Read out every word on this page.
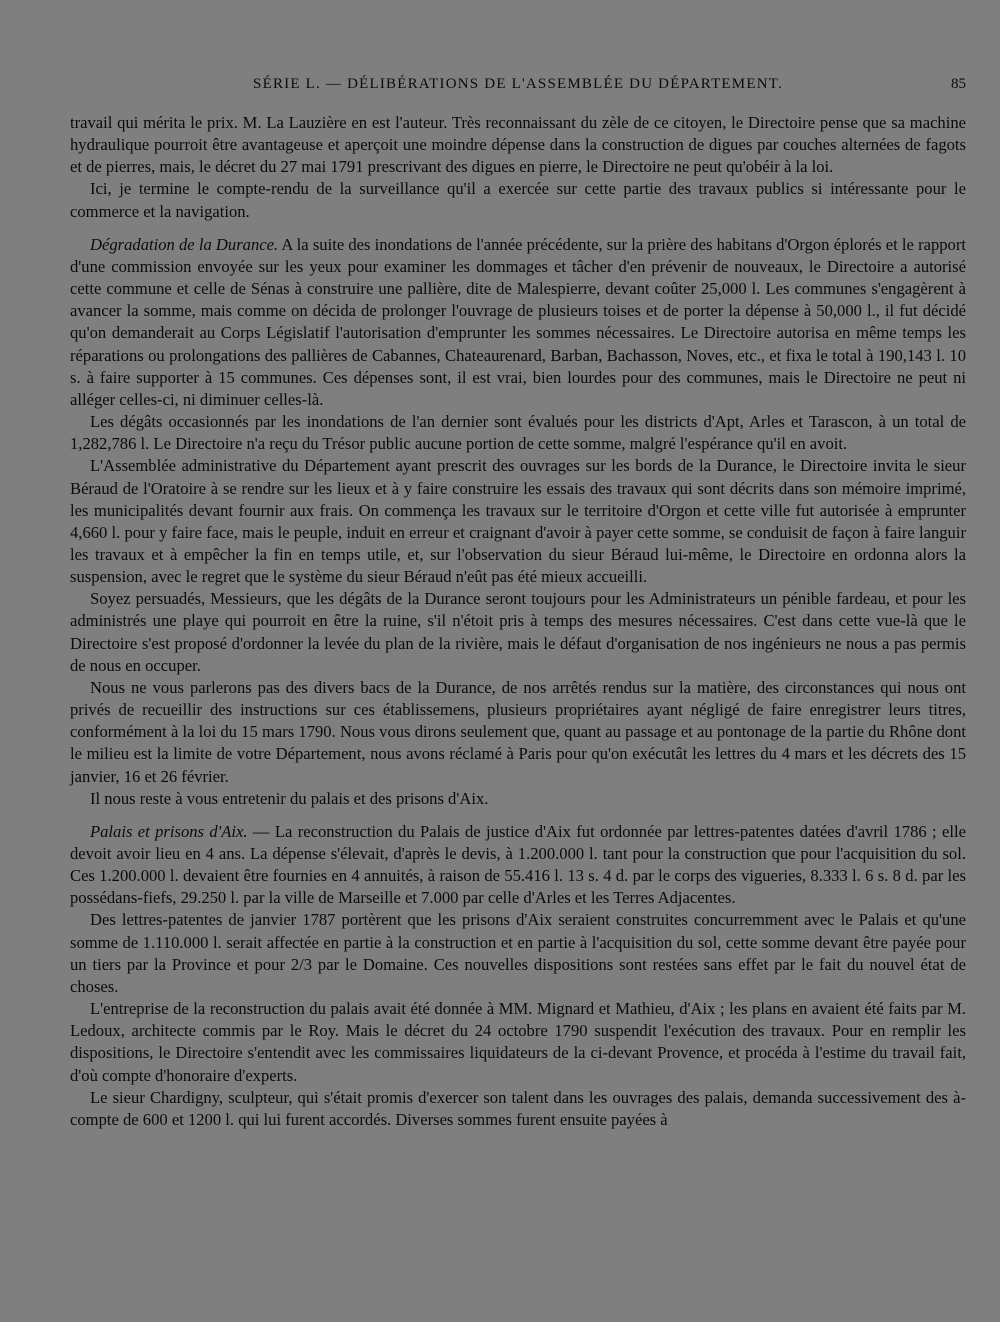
SÉRIE L. — DÉLIBÉRATIONS DE L'ASSEMBLÉE DU DÉPARTEMENT.	85

travail qui mérita le prix. M. La Lauzière en est l'auteur. Très reconnaissant du zèle de ce citoyen, le Directoire pense que sa machine hydraulique pourroit être avantageuse et aperçoit une moindre dépense dans la construction de digues par couches alternées de fagots et de pierres, mais, le décret du 27 mai 1791 prescrivant des digues en pierre, le Directoire ne peut qu'obéir à la loi.

Ici, je termine le compte-rendu de la surveillance qu'il a exercée sur cette partie des travaux publics si intéressante pour le commerce et la navigation.

Dégradation de la Durance. A la suite des inondations de l'année précédente, sur la prière des habitans d'Orgon éplorés et le rapport d'une commission envoyée sur les yeux pour examiner les dommages et tâcher d'en prévenir de nouveaux, le Directoire a autorisé cette commune et celle de Sénas à construire une pallière, dite de Malespierre, devant coûter 25,000 l. Les communes s'engagèrent à avancer la somme, mais comme on décida de prolonger l'ouvrage de plusieurs toises et de porter la dépense à 50,000 l., il fut décidé qu'on demanderait au Corps Législatif l'autorisation d'emprunter les sommes nécessaires. Le Directoire autorisa en même temps les réparations ou prolongations des pallières de Cabannes, Chateaurenard, Barban, Bachasson, Noves, etc., et fixa le total à 190,143 l. 10 s. à faire supporter à 15 communes. Ces dépenses sont, il est vrai, bien lourdes pour des communes, mais le Directoire ne peut ni alléger celles-ci, ni diminuer celles-là.

Les dégâts occasionnés par les inondations de l'an dernier sont évalués pour les districts d'Apt, Arles et Tarascon, à un total de 1,282,786 l. Le Directoire n'a reçu du Trésor public aucune portion de cette somme, malgré l'espérance qu'il en avoit.

L'Assemblée administrative du Département ayant prescrit des ouvrages sur les bords de la Durance, le Directoire invita le sieur Béraud de l'Oratoire à se rendre sur les lieux et à y faire construire les essais des travaux qui sont décrits dans son mémoire imprimé, les municipalités devant fournir aux frais. On commença les travaux sur le territoire d'Orgon et cette ville fut autorisée à emprunter 4,660 l. pour y faire face, mais le peuple, induit en erreur et craignant d'avoir à payer cette somme, se conduisit de façon à faire languir les travaux et à empêcher la fin en temps utile, et, sur l'observation du sieur Béraud lui-même, le Directoire en ordonna alors la suspension, avec le regret que le système du sieur Béraud n'eût pas été mieux accueilli.

Soyez persuadés, Messieurs, que les dégâts de la Durance seront toujours pour les Administrateurs un pénible fardeau, et pour les administrés une playe qui pourroit en être la ruine, s'il n'étoit pris à temps des mesures nécessaires. C'est dans cette vue-là que le Directoire s'est proposé d'ordonner la levée du plan de la rivière, mais le défaut d'organisation de nos ingénieurs ne nous a pas permis de nous en occuper.

Nous ne vous parlerons pas des divers bacs de la Durance, de nos arrêtés rendus sur la matière, des circonstances qui nous ont privés de recueillir des instructions sur ces établissemens, plusieurs propriétaires ayant négligé de faire enregistrer leurs titres, conformément à la loi du 15 mars 1790. Nous vous dirons seulement que, quant au passage et au pontonage de la partie du Rhône dont le milieu est la limite de votre Département, nous avons réclamé à Paris pour qu'on exécutât les lettres du 4 mars et les décrets des 15 janvier, 16 et 26 février.

Il nous reste à vous entretenir du palais et des prisons d'Aix.

Palais et prisons d'Aix. — La reconstruction du Palais de justice d'Aix fut ordonnée par lettres-patentes datées d'avril 1786 ; elle devoit avoir lieu en 4 ans. La dépense s'élevait, d'après le devis, à 1.200.000 l. tant pour la construction que pour l'acquisition du sol. Ces 1.200.000 l. devaient être fournies en 4 annuités, à raison de 55.416 l. 13 s. 4 d. par le corps des vigueries, 8.333 l. 6 s. 8 d. par les possédans-fiefs, 29.250 l. par la ville de Marseille et 7.000 par celle d'Arles et les Terres Adjacentes.

Des lettres-patentes de janvier 1787 portèrent que les prisons d'Aix seraient construites concurremment avec le Palais et qu'une somme de 1.110.000 l. serait affectée en partie à la construction et en partie à l'acquisition du sol, cette somme devant être payée pour un tiers par la Province et pour 2/3 par le Domaine. Ces nouvelles dispositions sont restées sans effet par le fait du nouvel état de choses.

L'entreprise de la reconstruction du palais avait été donnée à MM. Mignard et Mathieu, d'Aix ; les plans en avaient été faits par M. Ledoux, architecte commis par le Roy. Mais le décret du 24 octobre 1790 suspendit l'exécution des travaux. Pour en remplir les dispositions, le Directoire s'entendit avec les commissaires liquidateurs de la ci-devant Provence, et procéda à l'estime du travail fait, d'où compte d'honoraire d'experts.

Le sieur Chardigny, sculpteur, qui s'était promis d'exercer son talent dans les ouvrages des palais, demanda successivement des à-compte de 600 et 1200 l. qui lui furent accordés. Diverses sommes furent ensuite payées à
